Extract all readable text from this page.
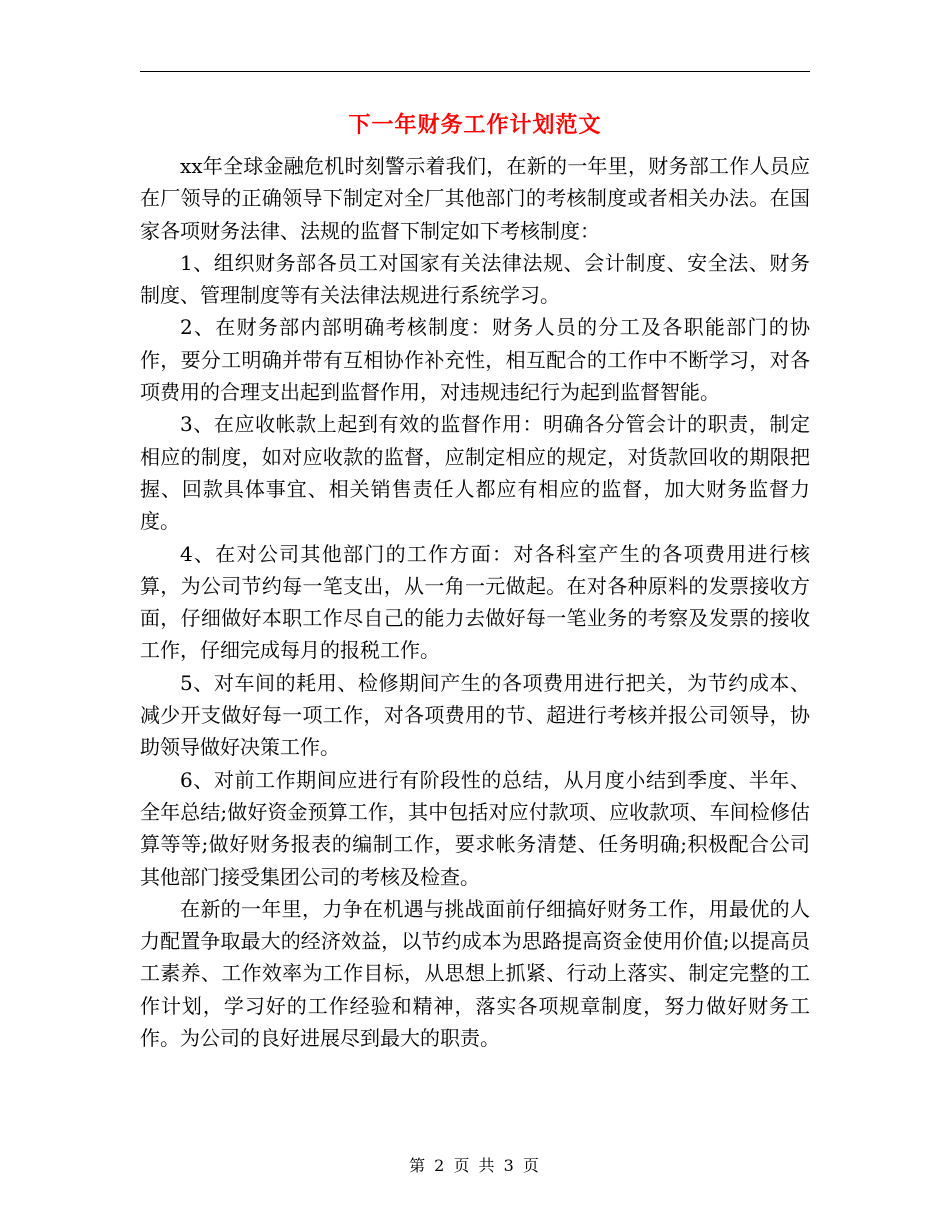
下一年财务工作计划范文

xx年全球金融危机时刻警示着我们，在新的一年里，财务部工作人员应在厂领导的正确领导下制定对全厂其他部门的考核制度或者相关办法。在国家各项财务法律、法规的监督下制定如下考核制度：

1、组织财务部各员工对国家有关法律法规、会计制度、安全法、财务制度、管理制度等有关法律法规进行系统学习。

2、在财务部内部明确考核制度：财务人员的分工及各职能部门的协作，要分工明确并带有互相协作补充性，相互配合的工作中不断学习，对各项费用的合理支出起到监督作用，对违规违纪行为起到监督智能。

3、在应收帐款上起到有效的监督作用：明确各分管会计的职责，制定相应的制度，如对应收款的监督，应制定相应的规定，对货款回收的期限把握、回款具体事宜、相关销售责任人都应有相应的监督，加大财务监督力度。

4、在对公司其他部门的工作方面：对各科室产生的各项费用进行核算，为公司节约每一笔支出，从一角一元做起。在对各种原料的发票接收方面，仔细做好本职工作尽自己的能力去做好每一笔业务的考察及发票的接收工作，仔细完成每月的报税工作。

5、对车间的耗用、检修期间产生的各项费用进行把关，为节约成本、减少开支做好每一项工作，对各项费用的节、超进行考核并报公司领导，协助领导做好决策工作。

6、对前工作期间应进行有阶段性的总结，从月度小结到季度、半年、全年总结;做好资金预算工作，其中包括对应付款项、应收款项、车间检修估算等等;做好财务报表的编制工作，要求帐务清楚、任务明确;积极配合公司其他部门接受集团公司的考核及检查。

在新的一年里，力争在机遇与挑战面前仔细搞好财务工作，用最优的人力配置争取最大的经济效益，以节约成本为思路提高资金使用价值;以提高员工素养、工作效率为工作目标，从思想上抓紧、行动上落实、制定完整的工作计划，学习好的工作经验和精神，落实各项规章制度，努力做好财务工作。为公司的良好进展尽到最大的职责。

第 2 页 共 3 页
